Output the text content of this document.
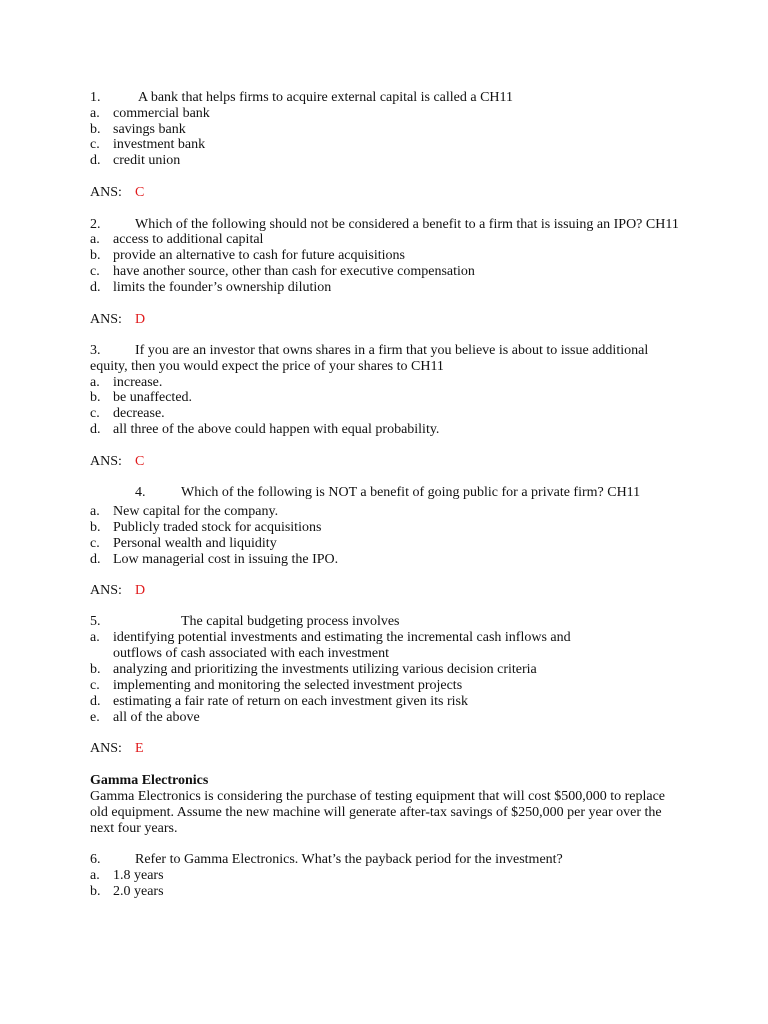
1.	A bank that helps firms to acquire external capital is called a CH11
a. commercial bank
b. savings bank
c. investment bank
d. credit union
ANS: C
2. Which of the following should not be considered a benefit to a firm that is issuing an IPO? CH11
a. access to additional capital
b. provide an alternative to cash for future acquisitions
c. have another source, other than cash for executive compensation
d. limits the founder’s ownership dilution
ANS: D
3. If you are an investor that owns shares in a firm that you believe is about to issue additional
equity, then you would expect the price of your shares to CH11
a. increase.
b. be unaffected.
c. decrease.
d. all three of the above could happen with equal probability.
ANS: C
4.	Which of the following is NOT a benefit of going public for a private firm? CH11
a. New capital for the company.
b. Publicly traded stock for acquisitions
c. Personal wealth and liquidity
d. Low managerial cost in issuing the IPO.
ANS: D
5.	The capital budgeting process involves
a. identifying potential investments and estimating the incremental cash inflows and
outflows of cash associated with each investment
b. analyzing and prioritizing the investments utilizing various decision criteria
c. implementing and monitoring the selected investment projects
d. estimating a fair rate of return on each investment given its risk
e. all of the above
ANS: E
Gamma Electronics
Gamma Electronics is considering the purchase of testing equipment that will cost $500,000 to replace
old equipment. Assume the new machine will generate after-tax savings of $250,000 per year over the
next four years.
6. Refer to Gamma Electronics. What’s the payback period for the investment?
a. 1.8 years
b. 2.0 years
